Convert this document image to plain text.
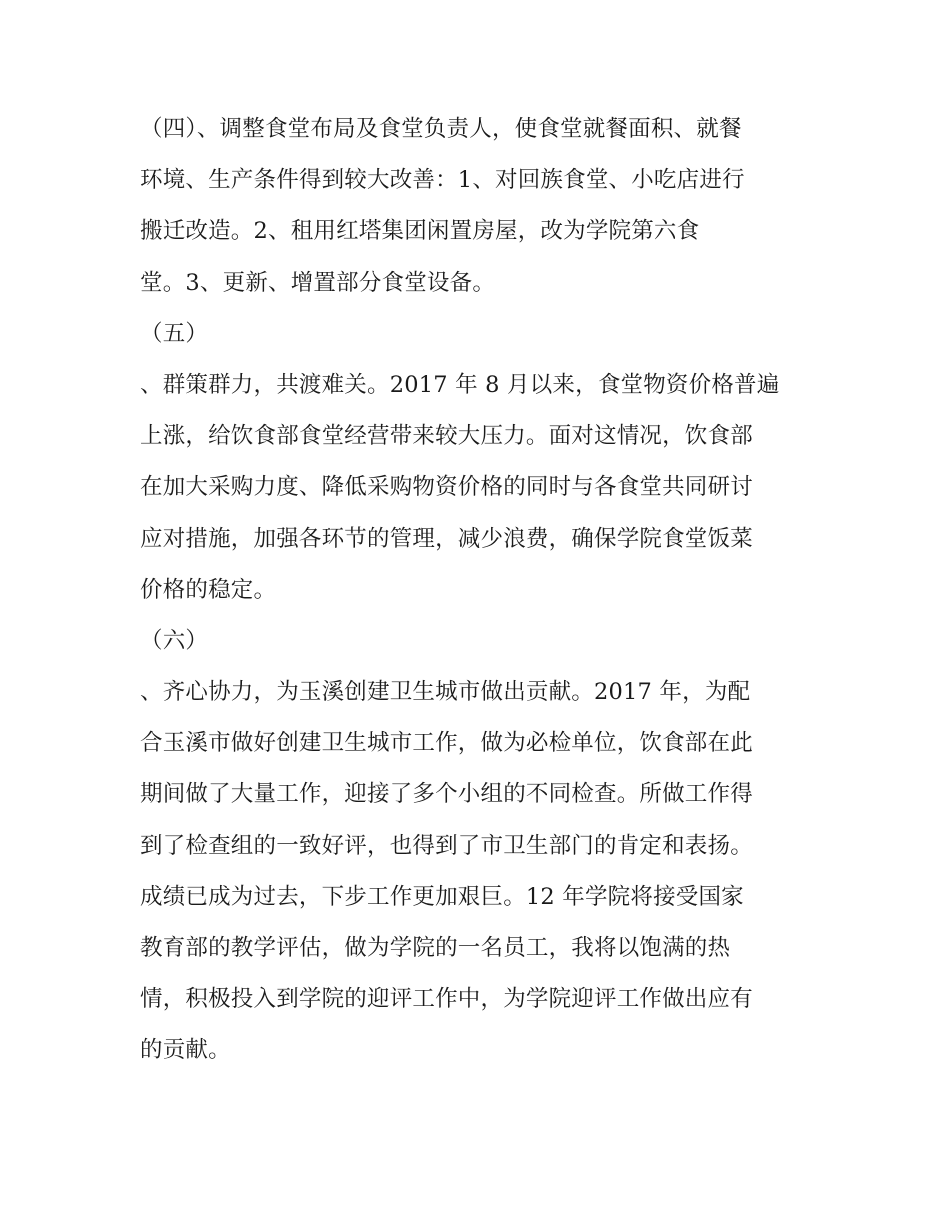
（四）、调整食堂布局及食堂负责人，使食堂就餐面积、就餐
环境、生产条件得到较大改善：1、对回族食堂、小吃店进行
搬迁改造。2、租用红塔集团闲置房屋，改为学院第六食
堂。3、更新、增置部分食堂设备。
（五）
、群策群力，共渡难关。2017 年 8 月以来，食堂物资价格普遍
上涨，给饮食部食堂经营带来较大压力。面对这情况，饮食部
在加大采购力度、降低采购物资价格的同时与各食堂共同研讨
应对措施，加强各环节的管理，减少浪费，确保学院食堂饭菜
价格的稳定。
（六）
、齐心协力，为玉溪创建卫生城市做出贡献。2017 年，为配
合玉溪市做好创建卫生城市工作，做为必检单位，饮食部在此
期间做了大量工作，迎接了多个小组的不同检查。所做工作得
到了检查组的一致好评，也得到了市卫生部门的肯定和表扬。
成绩已成为过去，下步工作更加艰巨。12 年学院将接受国家
教育部的教学评估，做为学院的一名员工，我将以饱满的热
情，积极投入到学院的迎评工作中，为学院迎评工作做出应有
的贡献。
